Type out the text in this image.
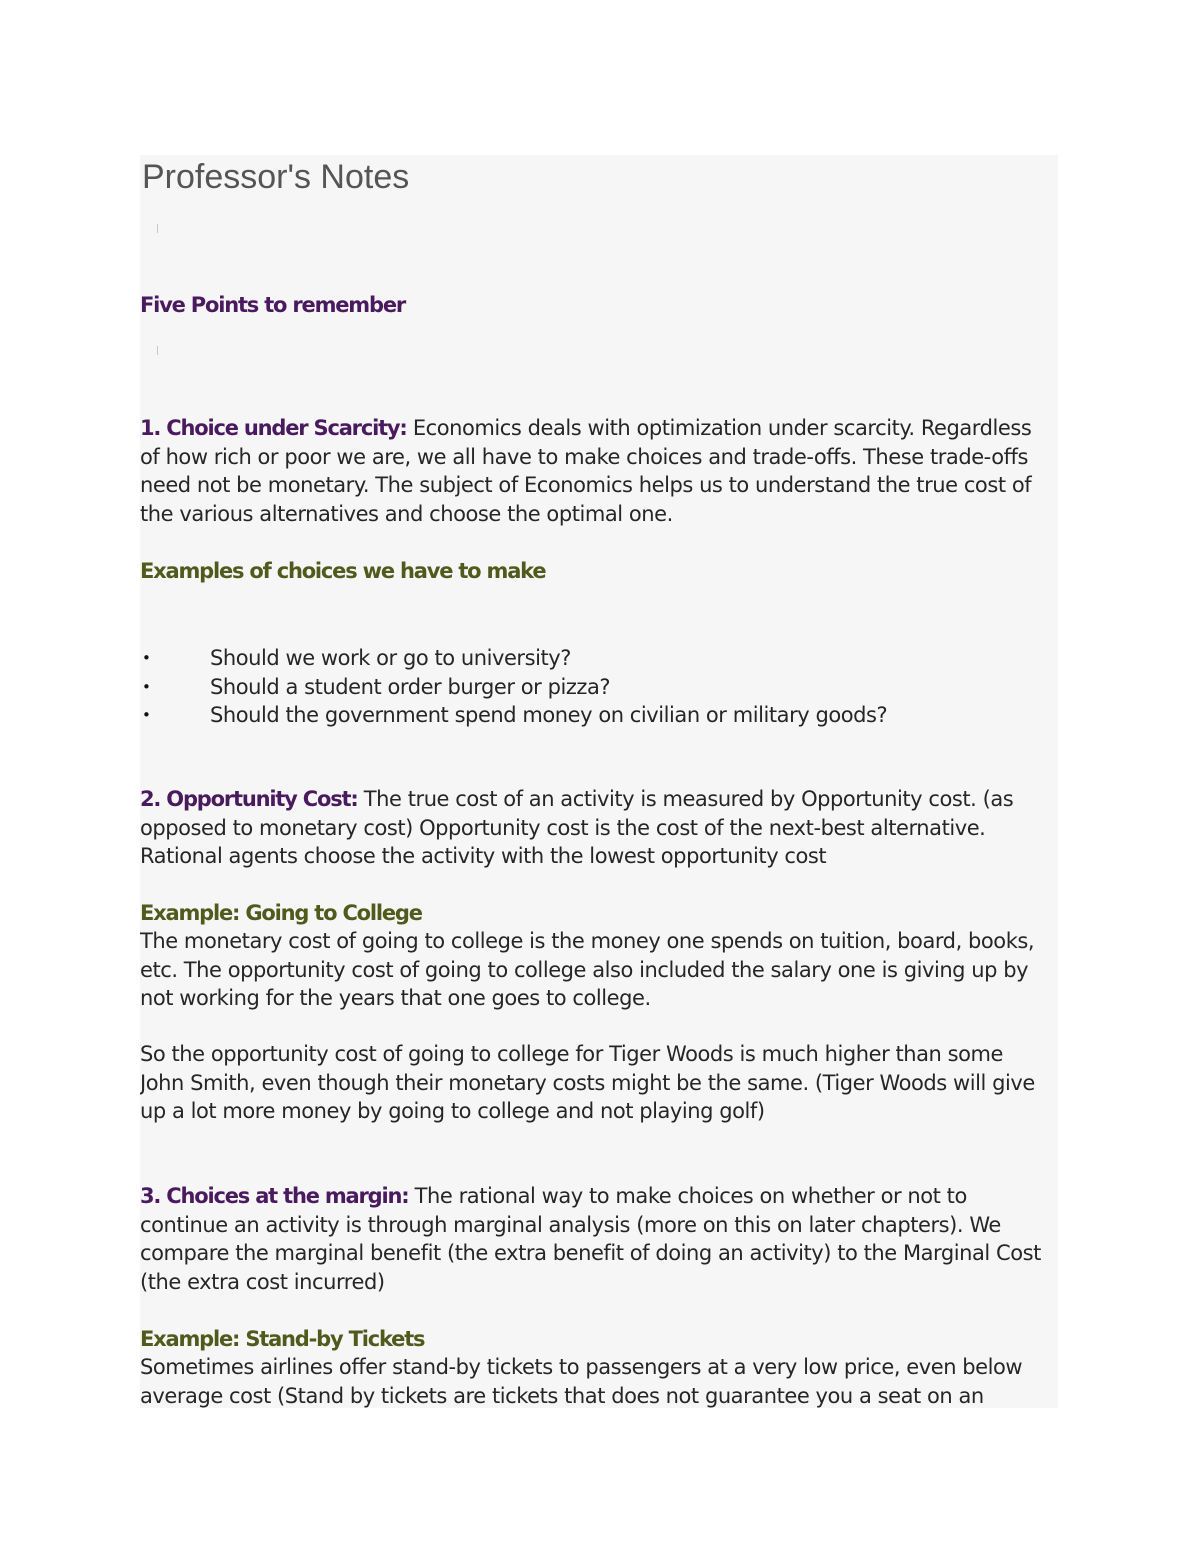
Professor's Notes
Five Points to remember

1. Choice under Scarcity: Economics deals with optimization under scarcity. Regardless of how rich or poor we are, we all have to make choices and trade-offs. These trade-offs need not be monetary. The subject of Economics helps us to understand the true cost of the various alternatives and choose the optimal one.

Examples of choices we have to make
•	Should we work or go to university?
•	Should a student order burger or pizza?
•	Should the government spend money on civilian or military goods?

2. Opportunity Cost: The true cost of an activity is measured by Opportunity cost. (as opposed to monetary cost) Opportunity cost is the cost of the next-best alternative. Rational agents choose the activity with the lowest opportunity cost

Example: Going to College

The monetary cost of going to college is the money one spends on tuition, board, books, etc. The opportunity cost of going to college also included the salary one is giving up by not working for the years that one goes to college.

So the opportunity cost of going to college for Tiger Woods is much higher than some John Smith, even though their monetary costs might be the same. (Tiger Woods will give up a lot more money by going to college and not playing golf)

3. Choices at the margin: The rational way to make choices on whether or not to continue an activity is through marginal analysis (more on this on later chapters). We compare the marginal benefit (the extra benefit of doing an activity) to the Marginal Cost (the extra cost incurred)

Example: Stand-by Tickets

Sometimes airlines offer stand-by tickets to passengers at a very low price, even below average cost (Stand by tickets are tickets that does not guarantee you a seat on an
